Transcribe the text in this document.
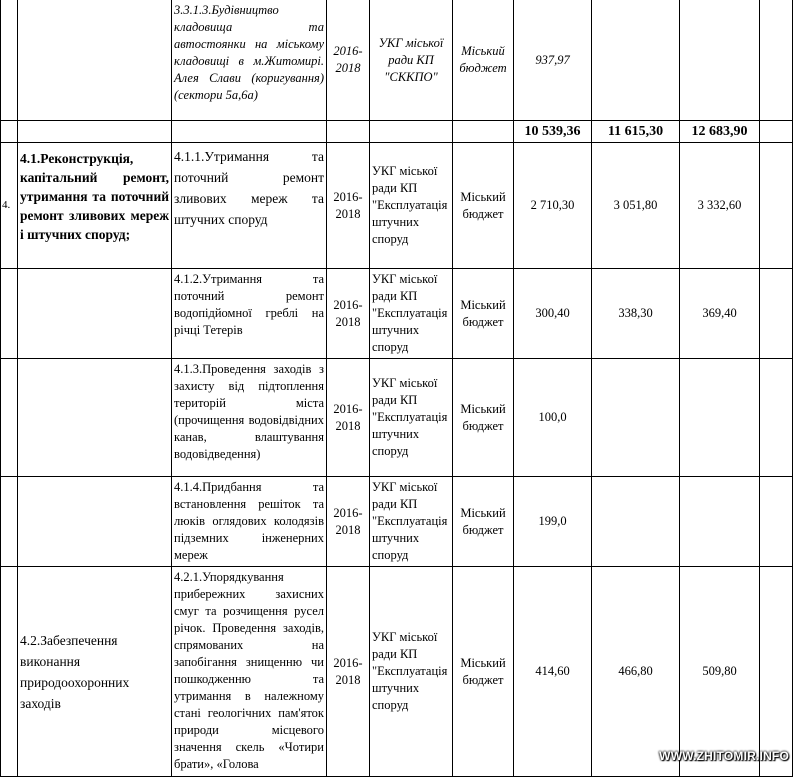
		3.3.1.3.Будівництво кладовища та автостоянки на міському кладовищі в м.Житомирі. Алея Слави (коригування) (сектори 5а,6а)	2016-2018	УКГ міської ради КП "СККПО"	Міський бюджет	937,97			
						10 539,36	11 615,30	12 683,90	
4.	4.1.Реконструкція, капітальний ремонт, утримання та поточний ремонт зливових мереж і штучних споруд;	4.1.1.Утримання та поточний ремонт зливових мереж та штучних споруд	2016-2018	УКГ міської ради КП "Експлуатація штучних споруд	Міський бюджет	2 710,30	3 051,80	3 332,60	
		4.1.2.Утримання та поточний ремонт водопідйомної греблі на річці Тетерів	2016-2018	УКГ міської ради КП "Експлуатація штучних споруд	Міський бюджет	300,40	338,30	369,40	
		4.1.3.Проведення заходів з захисту від підтоплення територій міста (прочищення водовідвідних канав, влаштування водовідведення)	2016-2018	УКГ міської ради КП "Експлуатація штучних споруд	Міський бюджет	100,0			
		4.1.4.Придбання та встановлення решіток та люків оглядових колодязів підземних інженерних мереж	2016-2018	УКГ міської ради КП "Експлуатація штучних споруд	Міський бюджет	199,0			
	4.2.Забезпечення виконання природоохоронних заходів	4.2.1.Упорядкування прибережних захисних смуг та розчищення русел річок. Проведення заходів, спрямованих на запобігання знищенню чи пошкодженню та утримання в належному стані геологічних пам'яток природи місцевого значення скель «Чотири брати», «Голова	2016-2018	УКГ міської ради КП "Експлуатація штучних споруд	Міський бюджет	414,60	466,80	509,80	
WWW.ZHITOMIR.INFO
